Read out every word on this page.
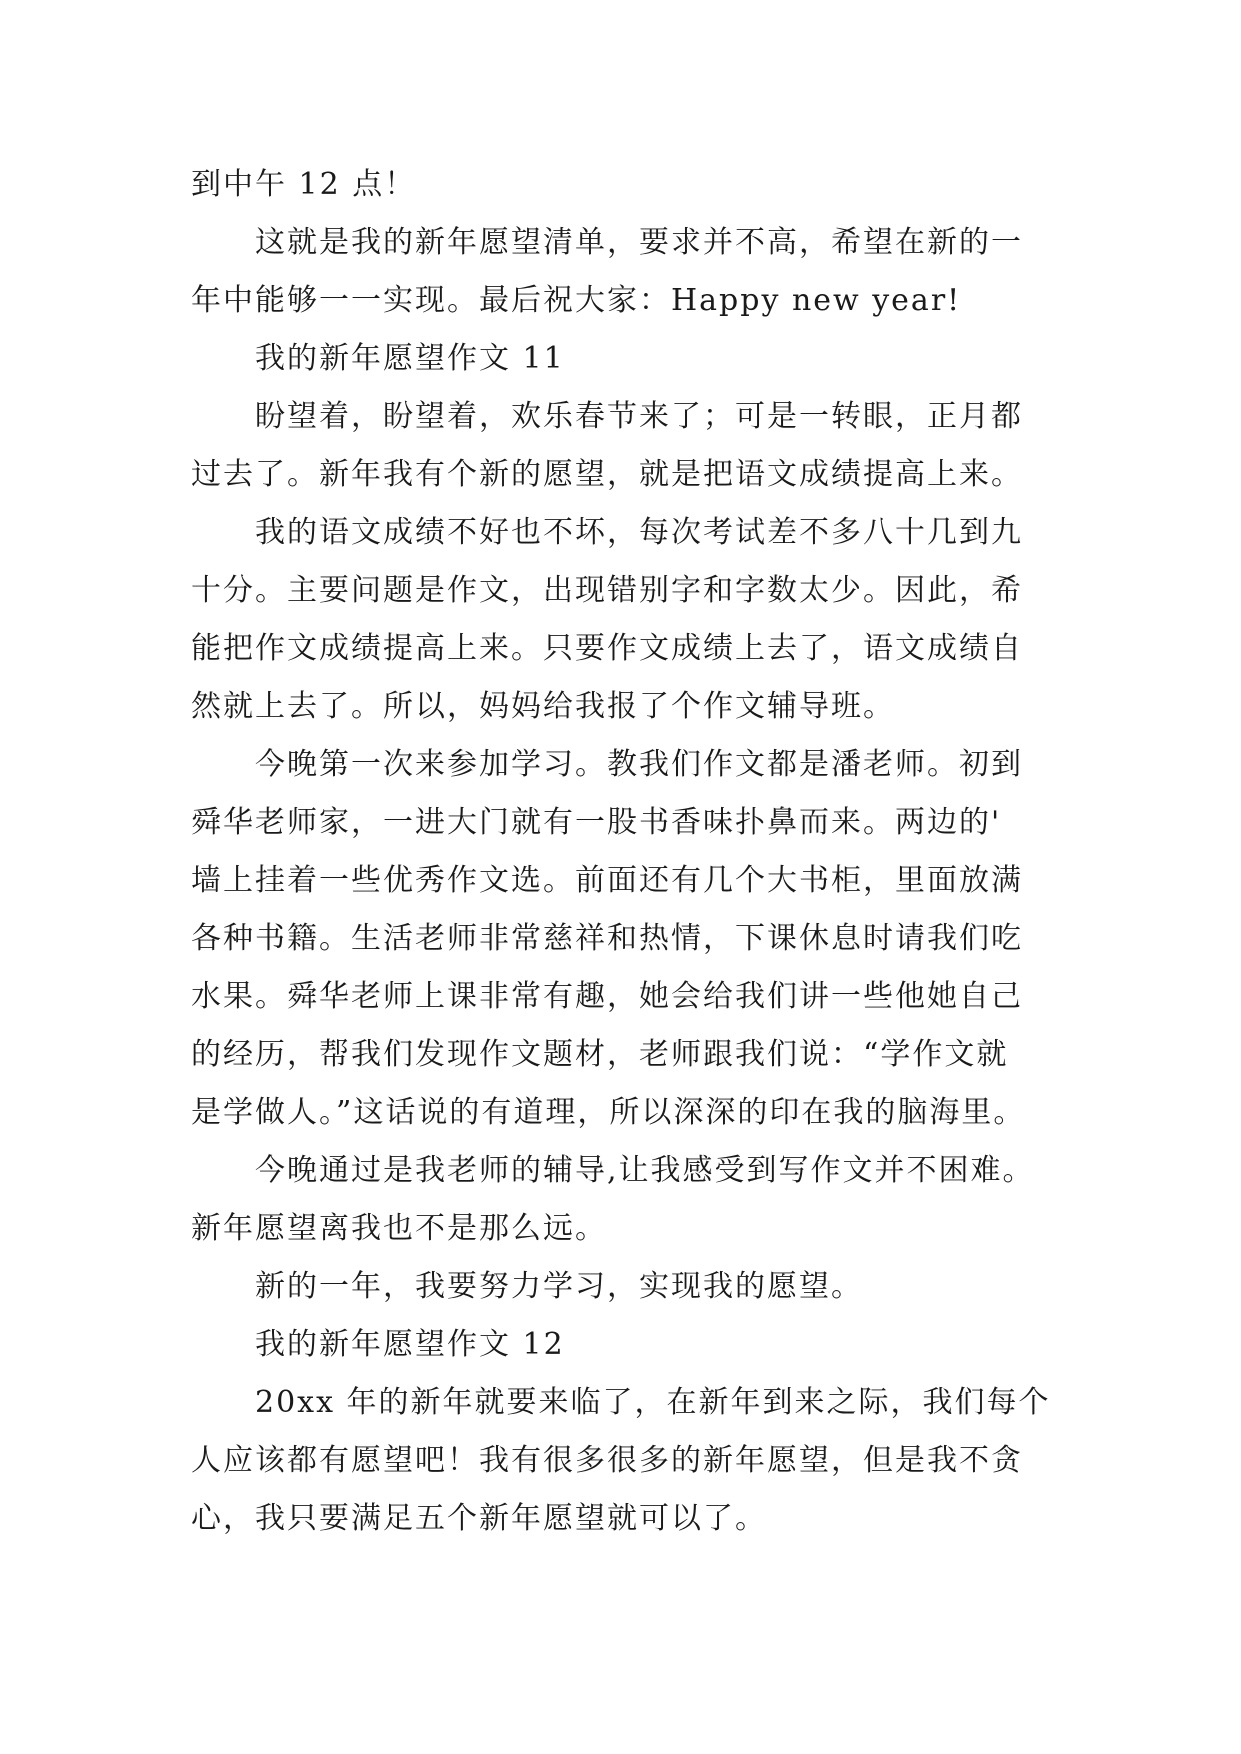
到中午 12 点！
这就是我的新年愿望清单，要求并不高，希望在新的一
年中能够一一实现。最后祝大家：Happy new year!
我的新年愿望作文 11
盼望着，盼望着，欢乐春节来了；可是一转眼，正月都
过去了。新年我有个新的愿望，就是把语文成绩提高上来。
我的语文成绩不好也不坏，每次考试差不多八十几到九
十分。主要问题是作文，出现错别字和字数太少。因此，希
能把作文成绩提高上来。只要作文成绩上去了，语文成绩自
然就上去了。所以，妈妈给我报了个作文辅导班。
今晚第一次来参加学习。教我们作文都是潘老师。初到
舜华老师家，一进大门就有一股书香味扑鼻而来。两边的'
墙上挂着一些优秀作文选。前面还有几个大书柜，里面放满
各种书籍。生活老师非常慈祥和热情，下课休息时请我们吃
水果。舜华老师上课非常有趣，她会给我们讲一些他她自己
的经历，帮我们发现作文题材，老师跟我们说：“学作文就
是学做人。”这话说的有道理，所以深深的印在我的脑海里。
今晚通过是我老师的辅导,让我感受到写作文并不困难。
新年愿望离我也不是那么远。
新的一年，我要努力学习，实现我的愿望。
我的新年愿望作文 12
20xx 年的新年就要来临了，在新年到来之际，我们每个
人应该都有愿望吧！我有很多很多的新年愿望，但是我不贪
心，我只要满足五个新年愿望就可以了。
